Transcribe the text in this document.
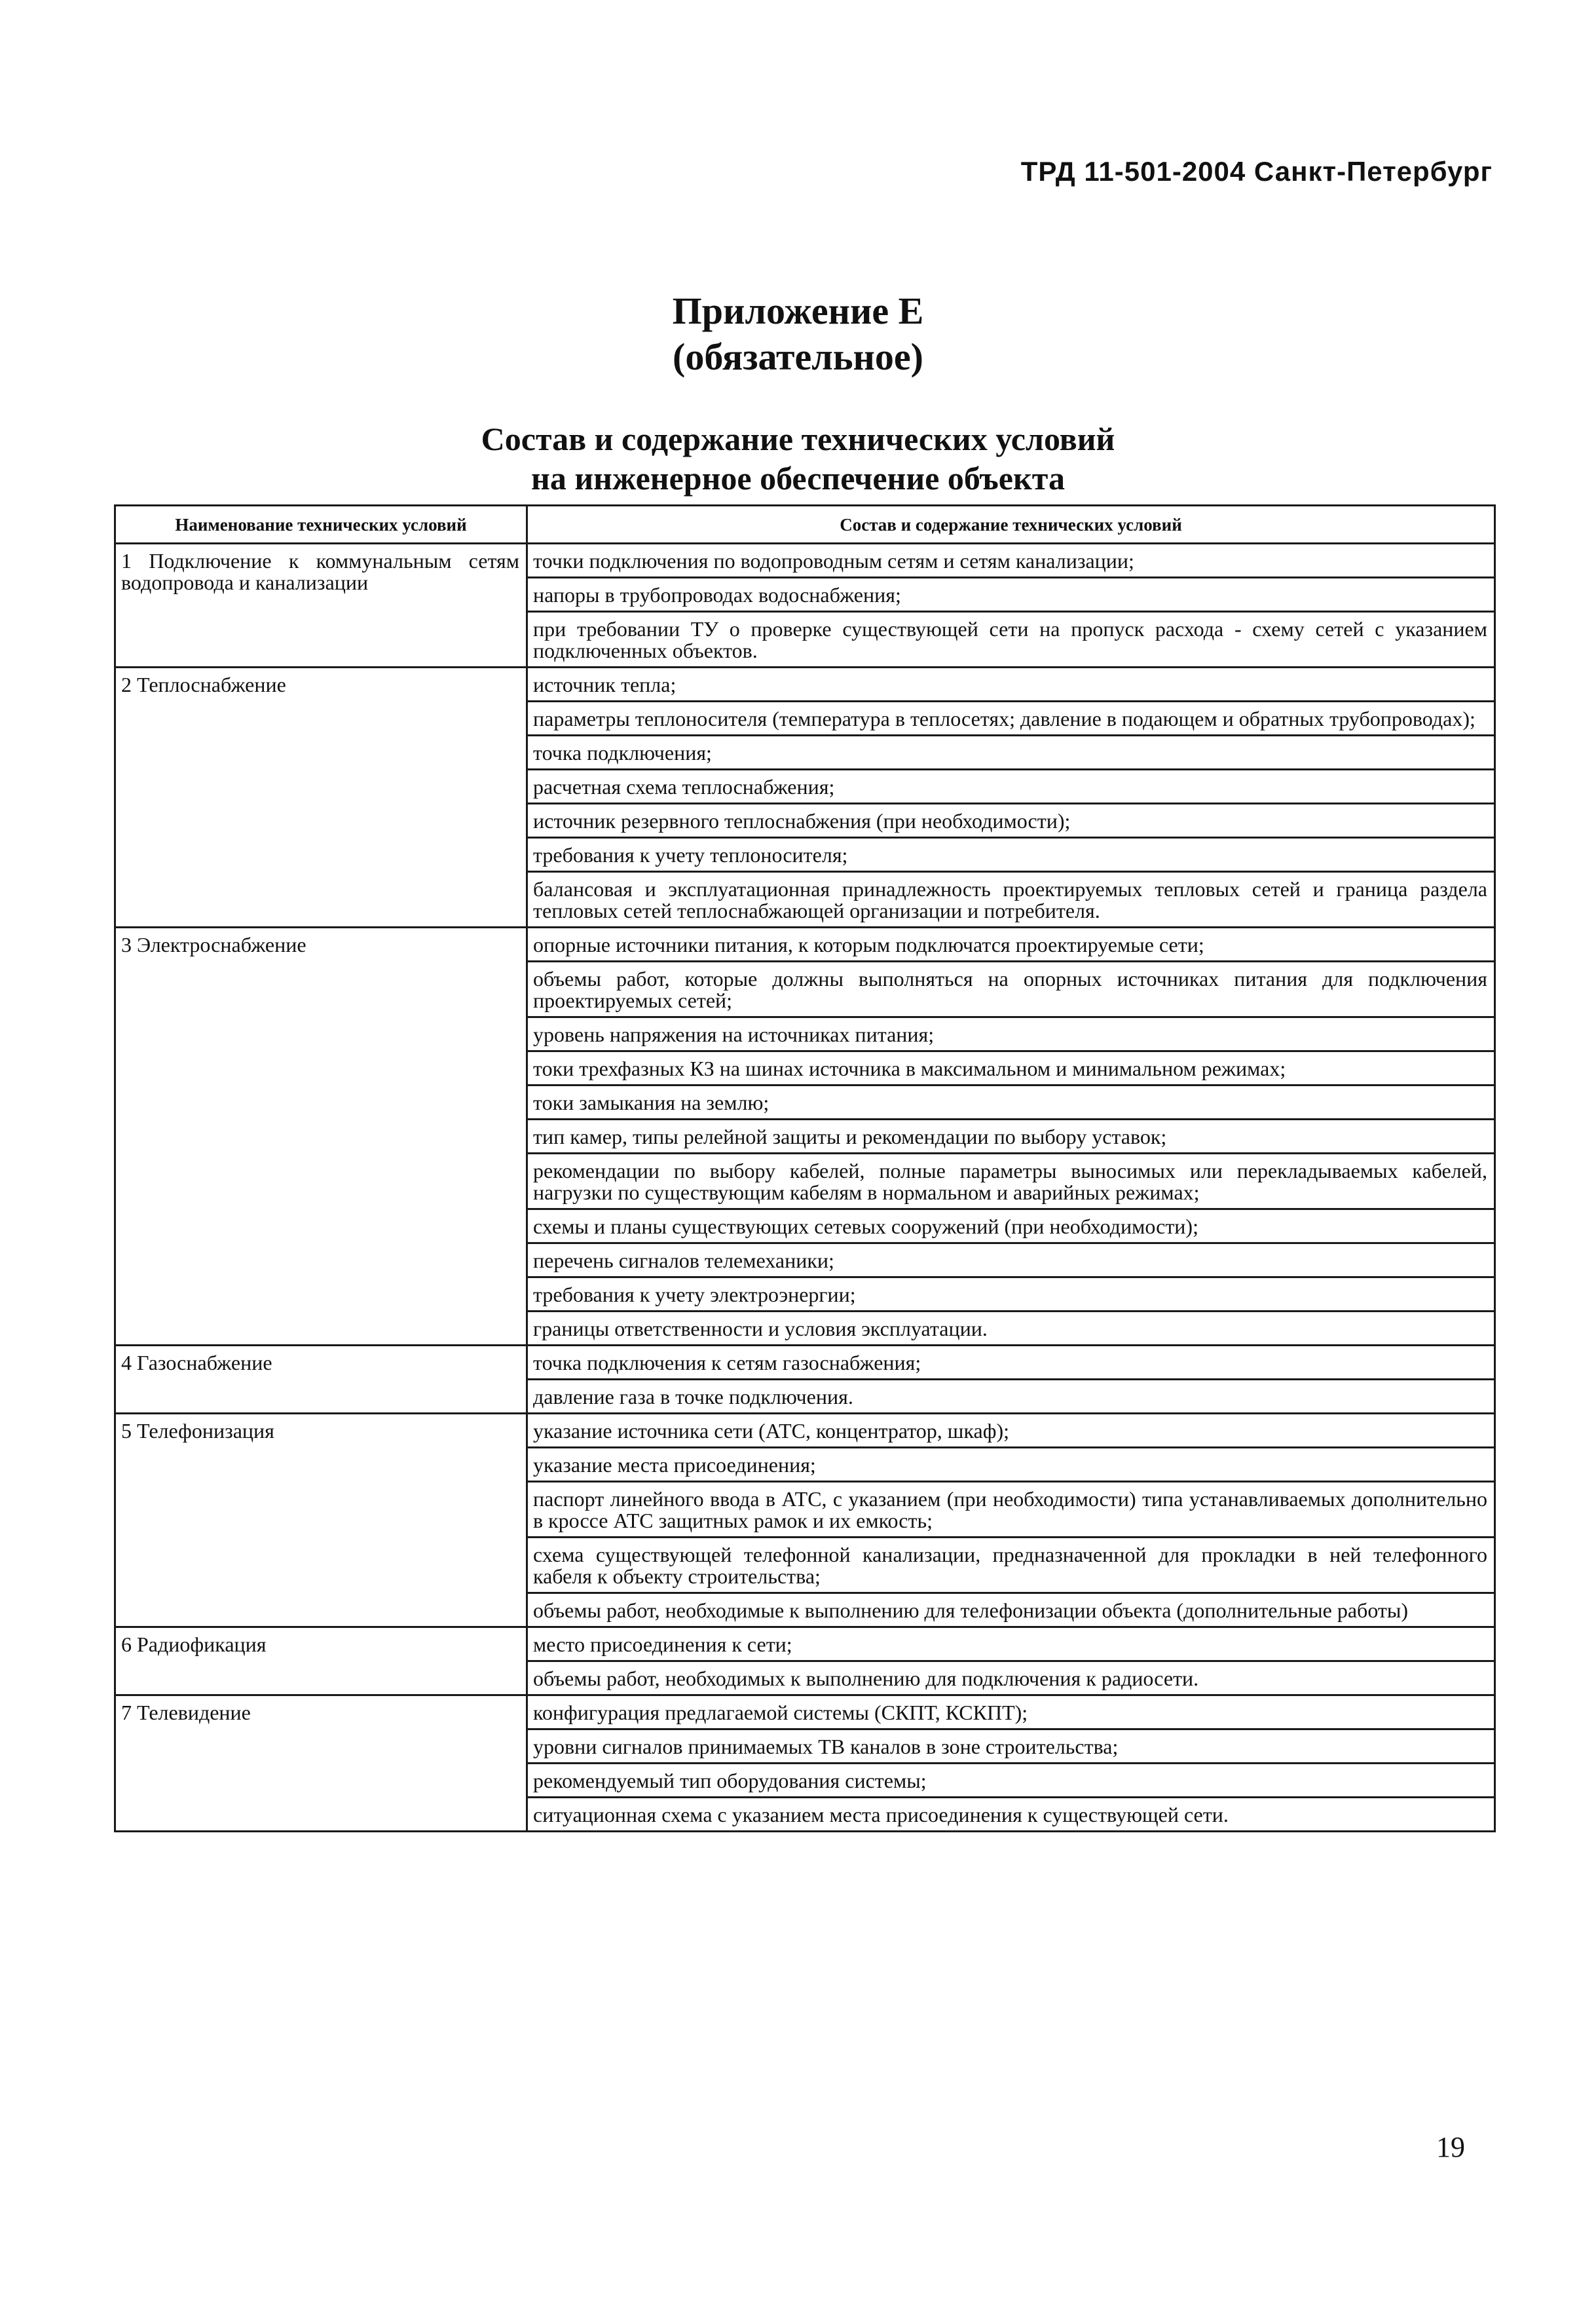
ТРД 11-501-2004 Санкт-Петербург
Приложение Е
(обязательное)
Состав и содержание технических условий
на инженерное обеспечение объекта
Наименование технических условий	Состав и содержание технических условий
1 Подключение к коммунальным сетям водопровода и канализации	точки подключения по водопроводным сетям и сетям канализации;
	напоры в трубопроводах водоснабжения;
	при требовании ТУ о проверке существующей сети на пропуск расхода - схему сетей с указанием подключенных объектов.
2 Теплоснабжение	источник тепла;
	параметры теплоносителя (температура в теплосетях; давление в подающем и обратных трубопроводах);
	точка подключения;
	расчетная схема теплоснабжения;
	источник резервного теплоснабжения (при необходимости);
	требования к учету теплоносителя;
	балансовая и эксплуатационная принадлежность проектируемых тепловых сетей и граница раздела тепловых сетей теплоснабжающей организации и потребителя.
3 Электроснабжение	опорные источники питания, к которым подключатся проектируемые сети;
	объемы работ, которые должны выполняться на опорных источниках питания для подключения проектируемых сетей;
	уровень напряжения на источниках питания;
	токи трехфазных КЗ на шинах источника в максимальном и минимальном режимах;
	токи замыкания на землю;
	тип камер, типы релейной защиты и рекомендации по выбору уставок;
	рекомендации по выбору кабелей, полные параметры выносимых или перекладываемых кабелей, нагрузки по существующим кабелям в нормальном и аварийных режимах;
	схемы и планы существующих сетевых сооружений (при необходимости);
	перечень сигналов телемеханики;
	требования к учету электроэнергии;
	границы ответственности и условия эксплуатации.
4 Газоснабжение	точка подключения к сетям газоснабжения;
	давление газа в точке подключения.
5 Телефонизация	указание источника сети (АТС, концентратор, шкаф);
	указание места присоединения;
	паспорт линейного ввода в АТС, с указанием (при необходимости) типа устанавливаемых дополнительно в кроссе АТС защитных рамок и их емкость;
	схема существующей телефонной канализации, предназначенной для прокладки в ней телефонного кабеля к объекту строительства;
	объемы работ, необходимые к выполнению для телефонизации объекта (дополнительные работы)
6 Радиофикация	место присоединения к сети;
	объемы работ, необходимых к выполнению для подключения к радиосети.
7 Телевидение	конфигурация предлагаемой системы (СКПТ, КСКПТ);
	уровни сигналов принимаемых ТВ каналов в зоне строительства;
	рекомендуемый тип оборудования системы;
	ситуационная схема с указанием места присоединения к существующей сети.
19
